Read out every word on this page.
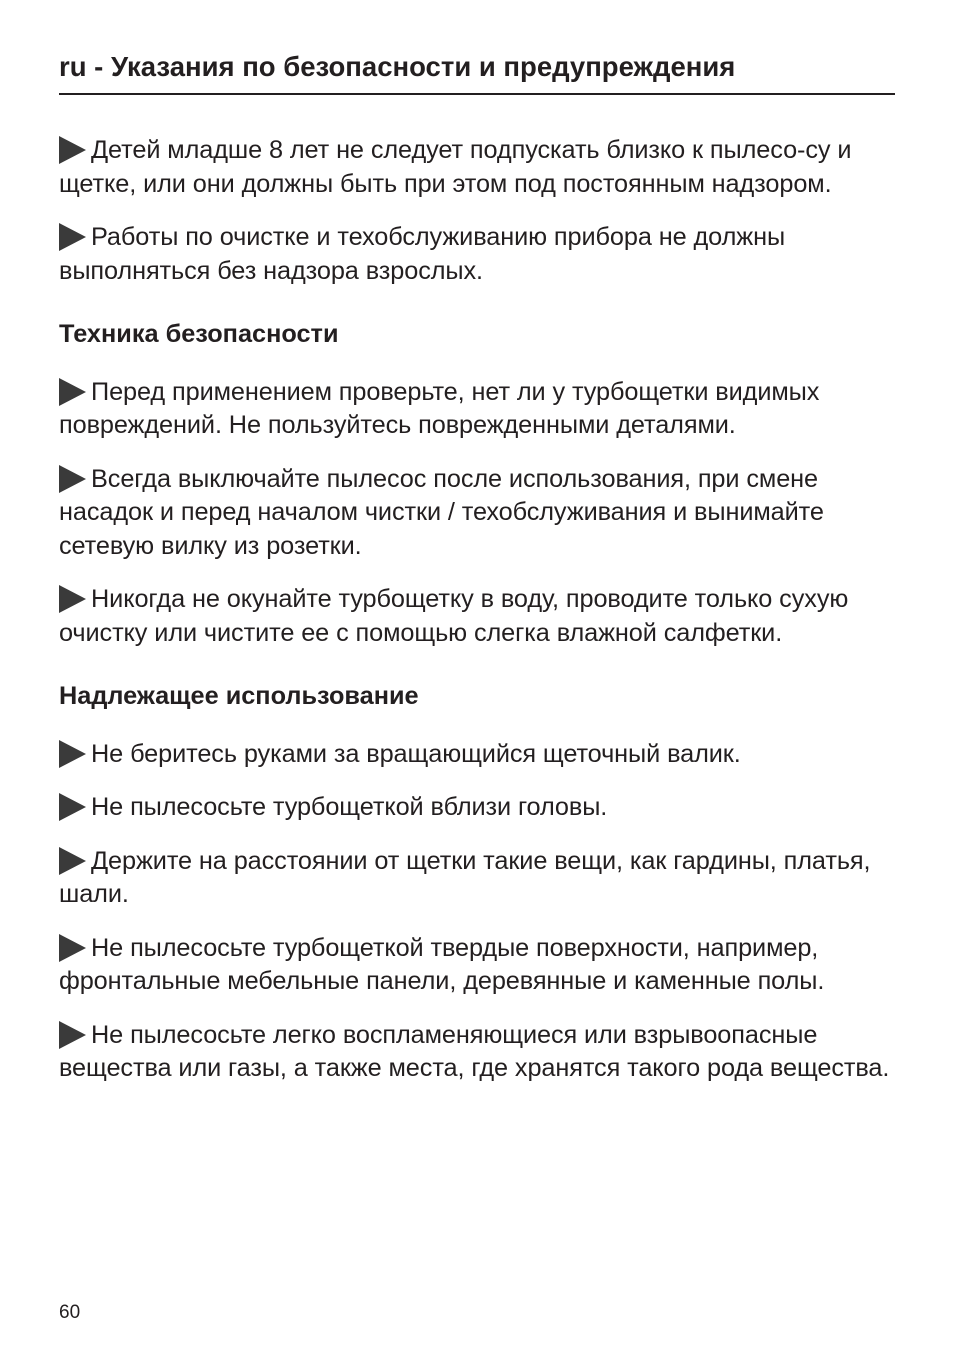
ru - Указания по безопасности и предупреждения

Детей младше 8 лет не следует подпускать близко к пылесо-су и щетке, или они должны быть при этом под постоянным надзором.

Работы по очистке и техобслуживанию прибора не должны выполняться без надзора взрослых.

Техника безопасности

Перед применением проверьте, нет ли у турбощетки видимых повреждений. Не пользуйтесь поврежденными деталями.

Всегда выключайте пылесос после использования, при смене насадок и перед началом чистки / техобслуживания и вынимайте сетевую вилку из розетки.

Никогда не окунайте турбощетку в воду, проводите только сухую очистку или чистите ее с помощью слегка влажной салфетки.

Надлежащее использование

Не беритесь руками за вращающийся щеточный валик.

Не пылесосьте турбощеткой вблизи головы.

Держите на расстоянии от щетки такие вещи, как гардины, платья, шали.

Не пылесосьте турбощеткой твердые поверхности, например, фронтальные мебельные панели, деревянные и каменные полы.

Не пылесосьте легко воспламеняющиеся или взрывоопасные вещества или газы, а также места, где хранятся такого рода вещества.

60
